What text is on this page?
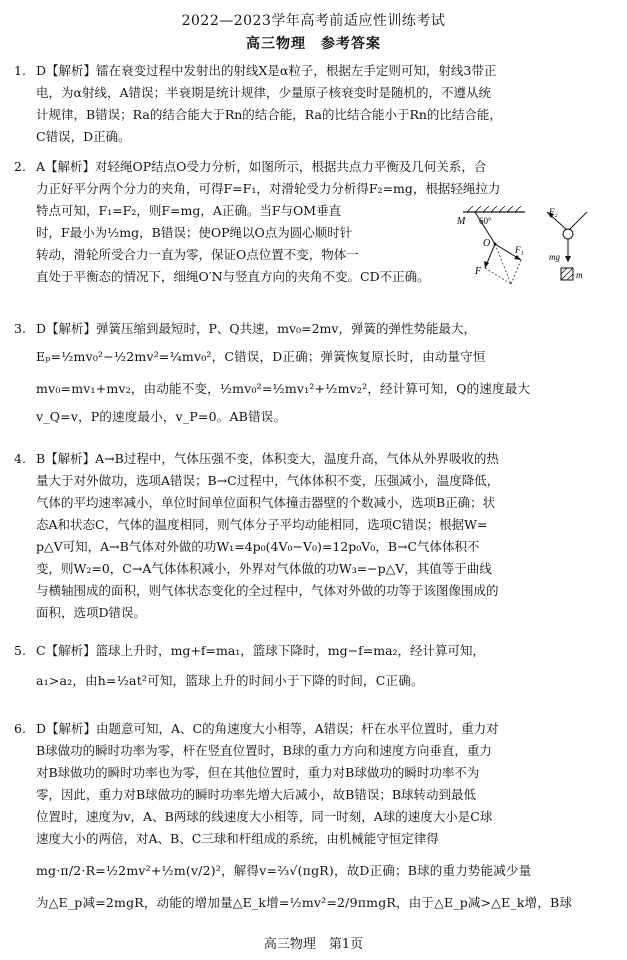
2022—2023学年高考前适应性训练考试
高三物理　参考答案
1. D【解析】镭在衰变过程中发射出的射线X是α粒子，根据左手定则可知，射线3带正
电，为α射线，A错误；半衰期是统计规律，少量原子核衰变时是随机的，不遵从统
计规律，B错误；Ra的结合能大于Rn的结合能，Ra的比结合能小于Rn的比结合能，
C错误，D正确。
2. A【解析】对轻绳OP结点O受力分析，如图所示，根据共点力平衡及几何关系，合
力正好平分两个分力的夹角，可得F=F₁，对滑轮受力分析得F₂=mg，根据轻绳拉力
特点可知，F₁=F₂，则F=mg，A正确。当F与OM垂直
时，F最小为½mg，B错误；使OP绳以O点为圆心顺时针
转动，滑轮所受合力一直为零，保证O点位置不变，物体一
直处于平衡态的情况下，细绳O′N与竖直方向的夹角不变。CD不正确。
M 60°
O
F₁
F
F₂
mg
m
3. D【解析】弹簧压缩到最短时，P、Q共速，mv₀=2mv，弹簧的弹性势能最大，
Eₚ=½mv₀²−½2mv²=¼mv₀²，C错误，D正确；弹簧恢复原长时，由动量守恒
mv₀=mv₁+mv₂，由动能不变，½mv₀²=½mv₁²+½mv₂²，经计算可知，Q的速度最大
v_Q=v，P的速度最小，v_P=0。AB错误。
4. B【解析】A→B过程中，气体压强不变，体积变大，温度升高，气体从外界吸收的热
量大于对外做功，选项A错误；B→C过程中，气体体积不变，压强减小，温度降低，
气体的平均速率减小，单位时间单位面积气体撞击器壁的个数减小，选项B正确；状
态A和状态C，气体的温度相同，则气体分子平均动能相同，选项C错误；根据W=
p△V可知，A→B气体对外做的功W₁=4p₀(4V₀−V₀)=12p₀V₀，B→C气体体积不
变，则W₂=0，C→A气体体积减小，外界对气体做的功W₃=−p△V，其值等于曲线
与横轴围成的面积，则气体状态变化的全过程中，气体对外做的功等于该图像围成的
面积，选项D错误。
5. C【解析】篮球上升时，mg+f=ma₁，篮球下降时，mg−f=ma₂，经计算可知，
a₁>a₂，由h=½at²可知，篮球上升的时间小于下降的时间，C正确。
6. D【解析】由题意可知，A、C的角速度大小相等，A错误；杆在水平位置时，重力对
B球做功的瞬时功率为零，杆在竖直位置时，B球的重力方向和速度方向垂直，重力
对B球做功的瞬时功率也为零，但在其他位置时，重力对B球做功的瞬时功率不为
零，因此，重力对B球做功的瞬时功率先增大后减小，故B错误；B球转动到最低
位置时，速度为v，A、B两球的线速度大小相等，同一时刻，A球的速度大小是C球
速度大小的两倍，对A、B、C三球和杆组成的系统，由机械能守恒定律得
mg·π/2·R=½2mv²+½m(v/2)²，解得v=⅔√(πgR)，故D正确；B球的重力势能减少量
为△E_p减=2mgR，动能的增加量△E_k增=½mv²=2/9πmgR，由于△E_p减>△E_k增，B球
高三物理　第1页
